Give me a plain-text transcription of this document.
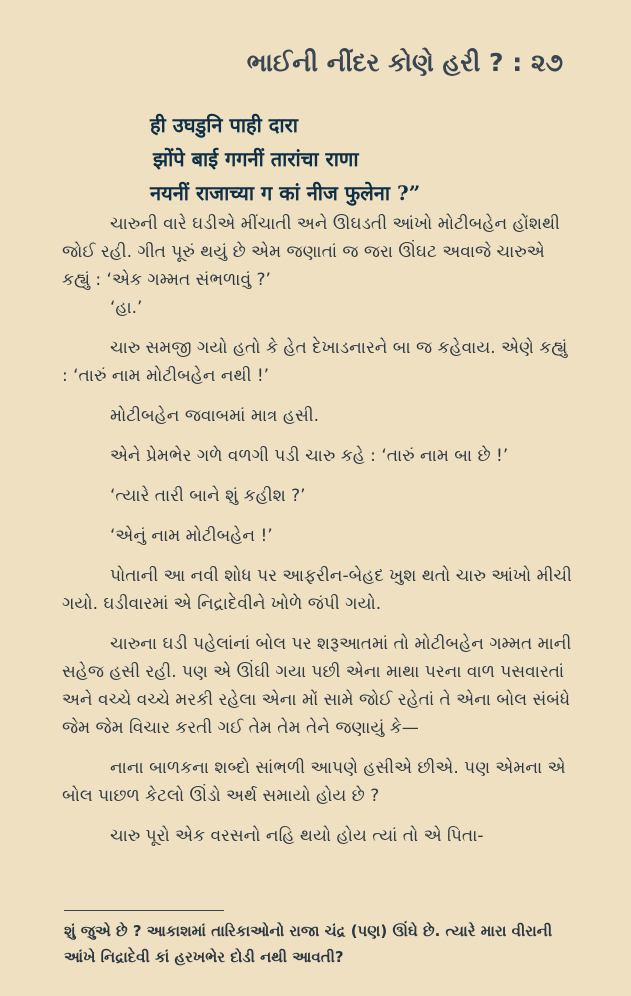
ભાઈની નીંદર કોણે હરી ? : ૨૭
ही उघडुनि पाही दारा
झोंपे बाई गगनीं तारांचा राणा
नयनीं राजाच्या ग कां नीज फुलेना ?”

ચારુની વારે ઘડીએ મીંચાતી અને ઊઘડતી આંખો મોટીબહેન હોંશથી જોઈ રહી. ગીત પૂરું થયું છે એમ જણાતાં જ જરા ઊંઘટ અવાજે ચારુએ કહ્યું : ‘એક ગમ્મત સંભળાવું ?’

‘હા.’

ચારુ સમજી ગયો હતો કે હેત દેખાડનારને બા જ કહેવાય. એણે કહ્યું : ‘તારું નામ મોટીબહેન નથી !’

મોટીબહેન જવાબમાં માત્ર હસી.

એને પ્રેમભેર ગળે વળગી પડી ચારુ કહે : ‘તારું નામ બા છે !’

‘ત્યારે તારી બાને શું કહીશ ?’

‘એનું નામ મોટીબહેન !’

પોતાની આ નવી શોધ પર આફરીન-બેહદ ખુશ થતો ચારુ આંખો મીચી ગયો. ઘડીવારમાં એ નિદ્રાદેવીને ખોળે જંપી ગયો.

ચારુના ઘડી પહેલાંનાં બોલ પર શરૂઆતમાં તો મોટીબહેન ગમ્મત માની સહેજ હસી રહી. પણ એ ઊંઘી ગયા પછી એના માથા પરના વાળ પસવારતાં અને વચ્ચે વચ્ચે મરકી રહેલા એના મોં સામે જોઈ રહેતાં તે એના બોલ સંબંધે જેમ જેમ વિચાર કરતી ગઈ તેમ તેમ તેને જણાયું કે—

નાના બાળકના શબ્દો સાંભળી આપણે હસીએ છીએ. પણ એમના એ બોલ પાછળ કેટલો ઊંડો અર્થ સમાયો હોય છે ?

ચારુ પૂરો એક વરસનો નહિ થયો હોય ત્યાં તો એ પિતા-

શું જુએ છે ? આકાશમાં તારિકાઓનો રાજા ચંદ્ર (પણ) ઊંઘે છે. ત્યારે મારા વીરાની આંખે નિદ્રાદેવી કાં હરખભેર દોડી નથી આવતી?
